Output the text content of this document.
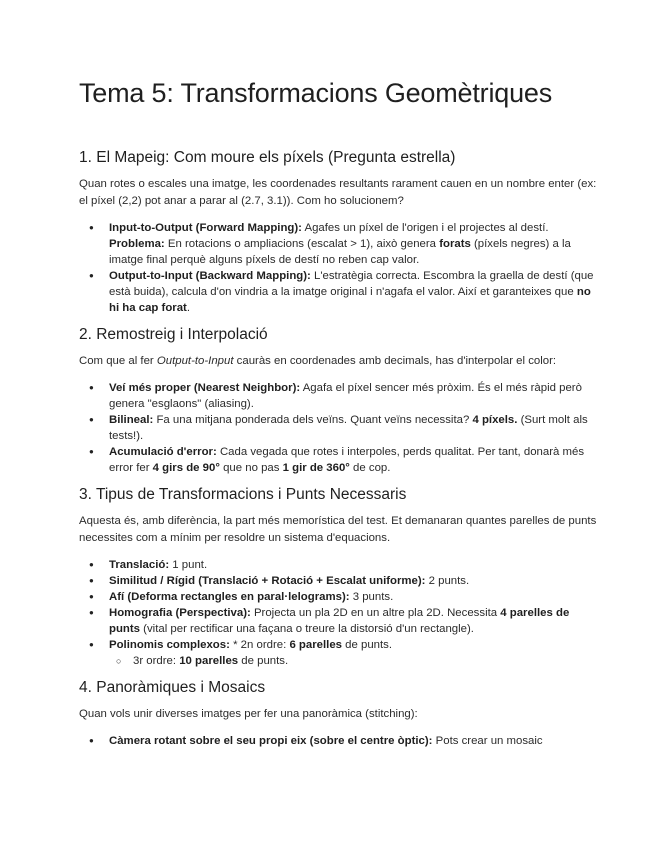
Tema 5: Transformacions Geomètriques
1. El Mapeig: Com moure els píxels (Pregunta estrella)

Quan rotes o escales una imatge, les coordenades resultants rarament cauen en un nombre enter (ex: el píxel (2,2) pot anar a parar al (2.7, 3.1)). Com ho solucionem?

● Input-to-Output (Forward Mapping): Agafes un píxel de l'origen i el projectes al destí. Problema: En rotacions o ampliacions (escalat > 1), això genera forats (píxels negres) a la imatge final perquè alguns píxels de destí no reben cap valor.
● Output-to-Input (Backward Mapping): L'estratègia correcta. Escombra la graella de destí (que està buida), calcula d'on vindria a la imatge original i n'agafa el valor. Així et garanteixes que no hi ha cap forat.
2. Remostreig i Interpolació

Com que al fer Output-to-Input cauràs en coordenades amb decimals, has d'interpolar el color:

● Veí més proper (Nearest Neighbor): Agafa el píxel sencer més pròxim. És el més ràpid però genera "esglaons" (aliasing).
● Bilineal: Fa una mitjana ponderada dels veïns. Quant veïns necessita? 4 píxels. (Surt molt als tests!).
● Acumulació d'error: Cada vegada que rotes i interpoles, perds qualitat. Per tant, donarà més error fer 4 girs de 90° que no pas 1 gir de 360° de cop.
3. Tipus de Transformacions i Punts Necessaris

Aquesta és, amb diferència, la part més memorística del test. Et demanaran quantes parelles de punts necessites com a mínim per resoldre un sistema d'equacions.

● Translació: 1 punt.
● Similitud / Rígid (Translació + Rotació + Escalat uniforme): 2 punts.
● Afí (Deforma rectangles en paral·lelograms): 3 punts.
● Homografia (Perspectiva): Projecta un pla 2D en un altre pla 2D. Necessita 4 parelles de punts (vital per rectificar una façana o treure la distorsió d'un rectangle).
● Polinomis complexos: * 2n ordre: 6 parelles de punts.
○ 3r ordre: 10 parelles de punts.
4. Panoràmiques i Mosaics

Quan vols unir diverses imatges per fer una panoràmica (stitching):

● Càmera rotant sobre el seu propi eix (sobre el centre òptic): Pots crear un mosaic
